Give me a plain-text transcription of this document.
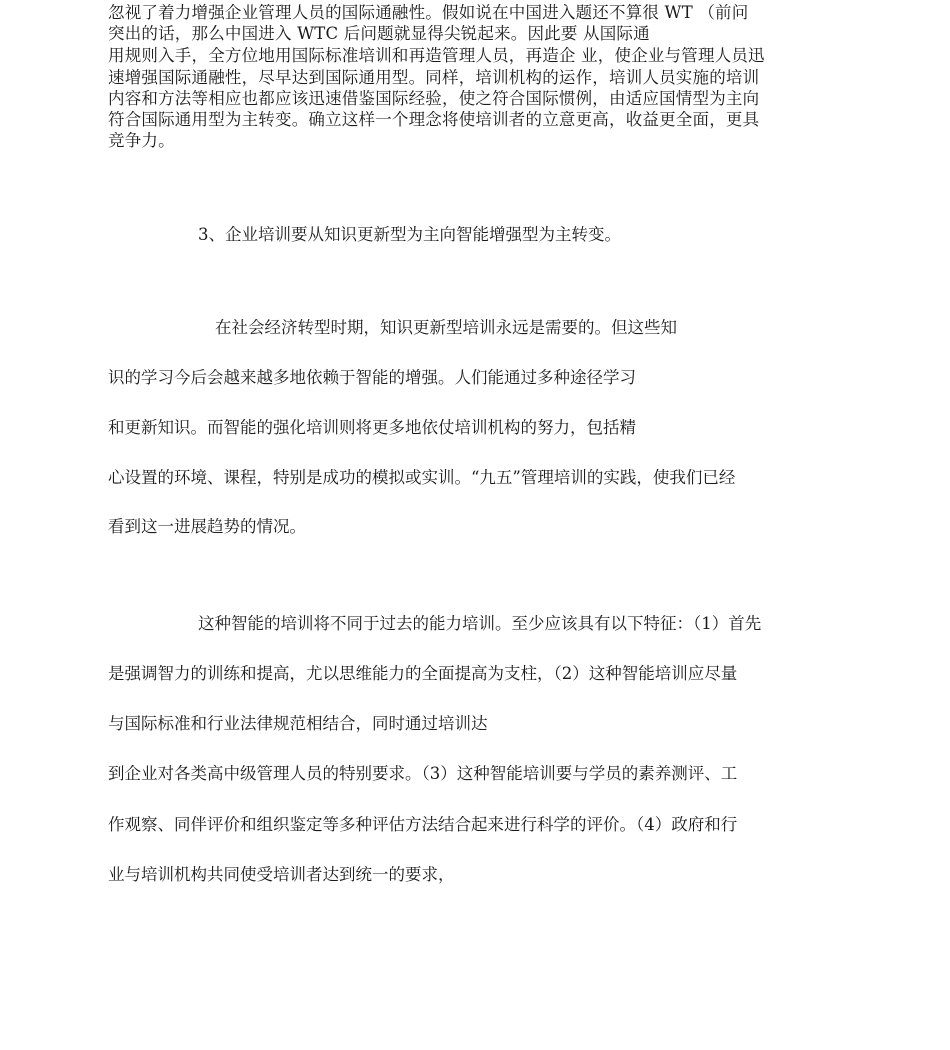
忽视了着力增强企业管理人员的国际通融性。假如说在中国进入题还不算很 WT （前问
突出的话，那么中国进入 WTC 后问题就显得尖锐起来。因此要 从国际通
用规则入手，全方位地用国际标准培训和再造管理人员，再造企 业，使企业与管理人员迅
速增强国际通融性，尽早达到国际通用型。同样，培训机构的运作，培训人员实施的培训
内容和方法等相应也都应该迅速借鉴国际经验，使之符合国际惯例，由适应国情型为主向
符合国际通用型为主转变。确立这样一个理念将使培训者的立意更高，收益更全面，更具
竞争力。
3、企业培训要从知识更新型为主向智能增强型为主转变。
在社会经济转型时期，知识更新型培训永远是需要的。但这些知
识的学习今后会越来越多地依赖于智能的增强。人们能通过多种途径学习
和更新知识。而智能的强化培训则将更多地依仗培训机构的努力，包括精
心设置的环境、课程，特别是成功的模拟或实训。“九五”管理培训的实践，使我们已经
看到这一进展趋势的情况。
这种智能的培训将不同于过去的能力培训。至少应该具有以下特征：（1）首先
是强调智力的训练和提高，尤以思维能力的全面提高为支柱，（2）这种智能培训应尽量
与国际标准和行业法律规范相结合，同时通过培训达
到企业对各类高中级管理人员的特别要求。（3）这种智能培训要与学员的素养测评、工
作观察、同伴评价和组织鉴定等多种评估方法结合起来进行科学的评价。（4）政府和行
业与培训机构共同使受培训者达到统一的要求，
